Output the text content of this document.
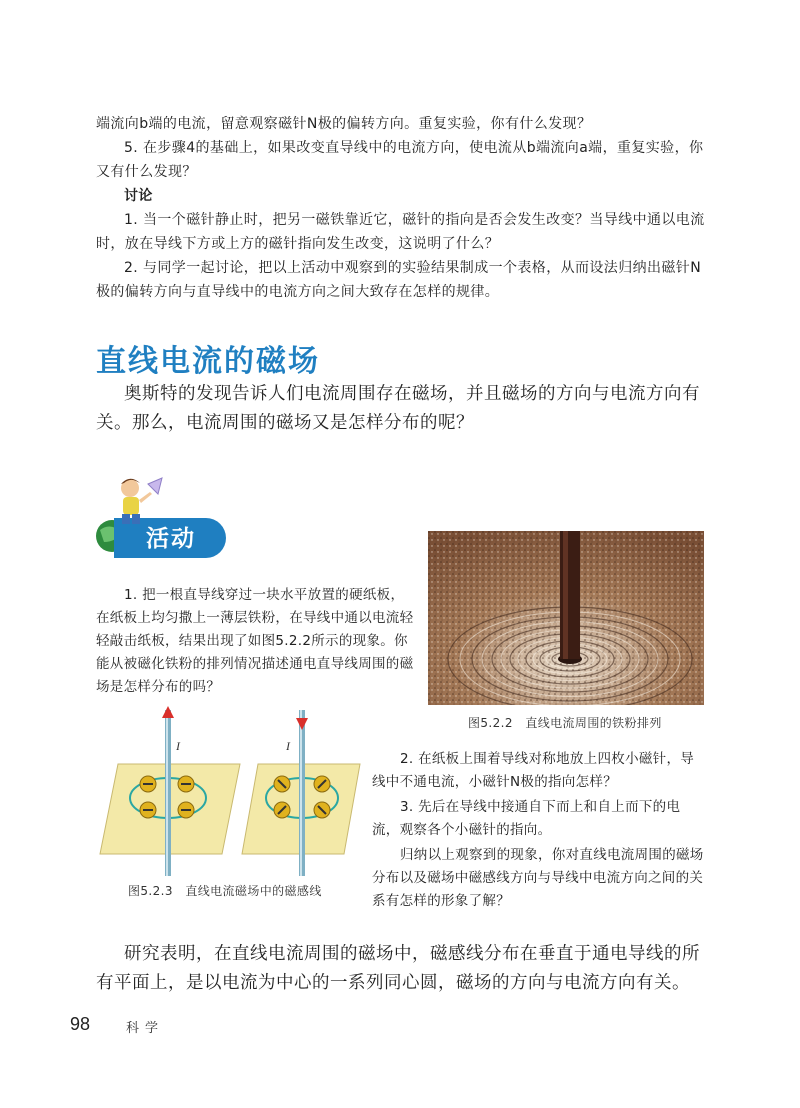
端流向b端的电流，留意观察磁针N极的偏转方向。重复实验，你有什么发现？

5. 在步骤4的基础上，如果改变直导线中的电流方向，使电流从b端流向a端，重复实验，你又有什么发现？

讨论

1. 当一个磁针静止时，把另一磁铁靠近它，磁针的指向是否会发生改变？当导线中通以电流时，放在导线下方或上方的磁针指向发生改变，这说明了什么？

2. 与同学一起讨论，把以上活动中观察到的实验结果制成一个表格，从而设法归纳出磁针N极的偏转方向与直导线中的电流方向之间大致存在怎样的规律。

直线电流的磁场

奥斯特的发现告诉人们电流周围存在磁场，并且磁场的方向与电流方向有关。那么，电流周围的磁场又是怎样分布的呢？

活动
图5.2.2　直线电流周围的铁粉排列

1. 把一根直导线穿过一块水平放置的硬纸板，在纸板上均匀撒上一薄层铁粉，在导线中通以电流轻轻敲击纸板，结果出现了如图5.2.2所示的现象。你能从被磁化铁粉的排列情况描述通电直导线周围的磁场是怎样分布的吗？

I	I
图5.2.3　直线电流磁场中的磁感线

2. 在纸板上围着导线对称地放上四枚小磁针，导线中不通电流，小磁针N极的指向怎样？

3. 先后在导线中接通自下而上和自上而下的电流，观察各个小磁针的指向。

归纳以上观察到的现象，你对直线电流周围的磁场分布以及磁场中磁感线方向与导线中电流方向之间的关系有怎样的形象了解？

研究表明，在直线电流周围的磁场中，磁感线分布在垂直于通电导线的所有平面上，是以电流为中心的一系列同心圆，磁场的方向与电流方向有关。

98	科学
